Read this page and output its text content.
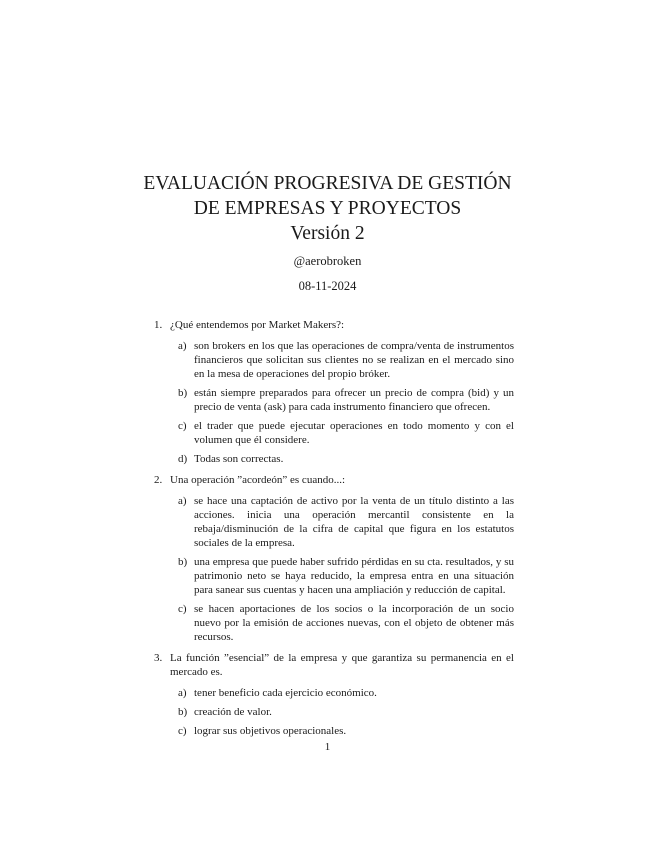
EVALUACIÓN PROGRESIVA DE GESTIÓN
DE EMPRESAS Y PROYECTOS
Versión 2
@aerobroken
08-11-2024
1. ¿Qué entendemos por Market Makers?:
a) son brokers en los que las operaciones de compra/venta de instrumentos financieros que solicitan sus clientes no se realizan en el mercado sino en la mesa de operaciones del propio bróker.
b) están siempre preparados para ofrecer un precio de compra (bid) y un precio de venta (ask) para cada instrumento financiero que ofrecen.
c) el trader que puede ejecutar operaciones en todo momento y con el volumen que él considere.
d) Todas son correctas.
2. Una operación ”acordeón” es cuando...:
a) se hace una captación de activo por la venta de un título distinto a las acciones. inicia una operación mercantil consistente en la rebaja/disminución de la cifra de capital que figura en los estatutos sociales de la empresa.
b) una empresa que puede haber sufrido pérdidas en su cta. resultados, y su patrimonio neto se haya reducido, la empresa entra en una situación para sanear sus cuentas y hacen una ampliación y reducción de capital.
c) se hacen aportaciones de los socios o la incorporación de un socio nuevo por la emisión de acciones nuevas, con el objeto de obtener más recursos.
3. La función ”esencial” de la empresa y que garantiza su permanencia en el mercado es.
a) tener beneficio cada ejercicio económico.
b) creación de valor.
c) lograr sus objetivos operacionales.
1
